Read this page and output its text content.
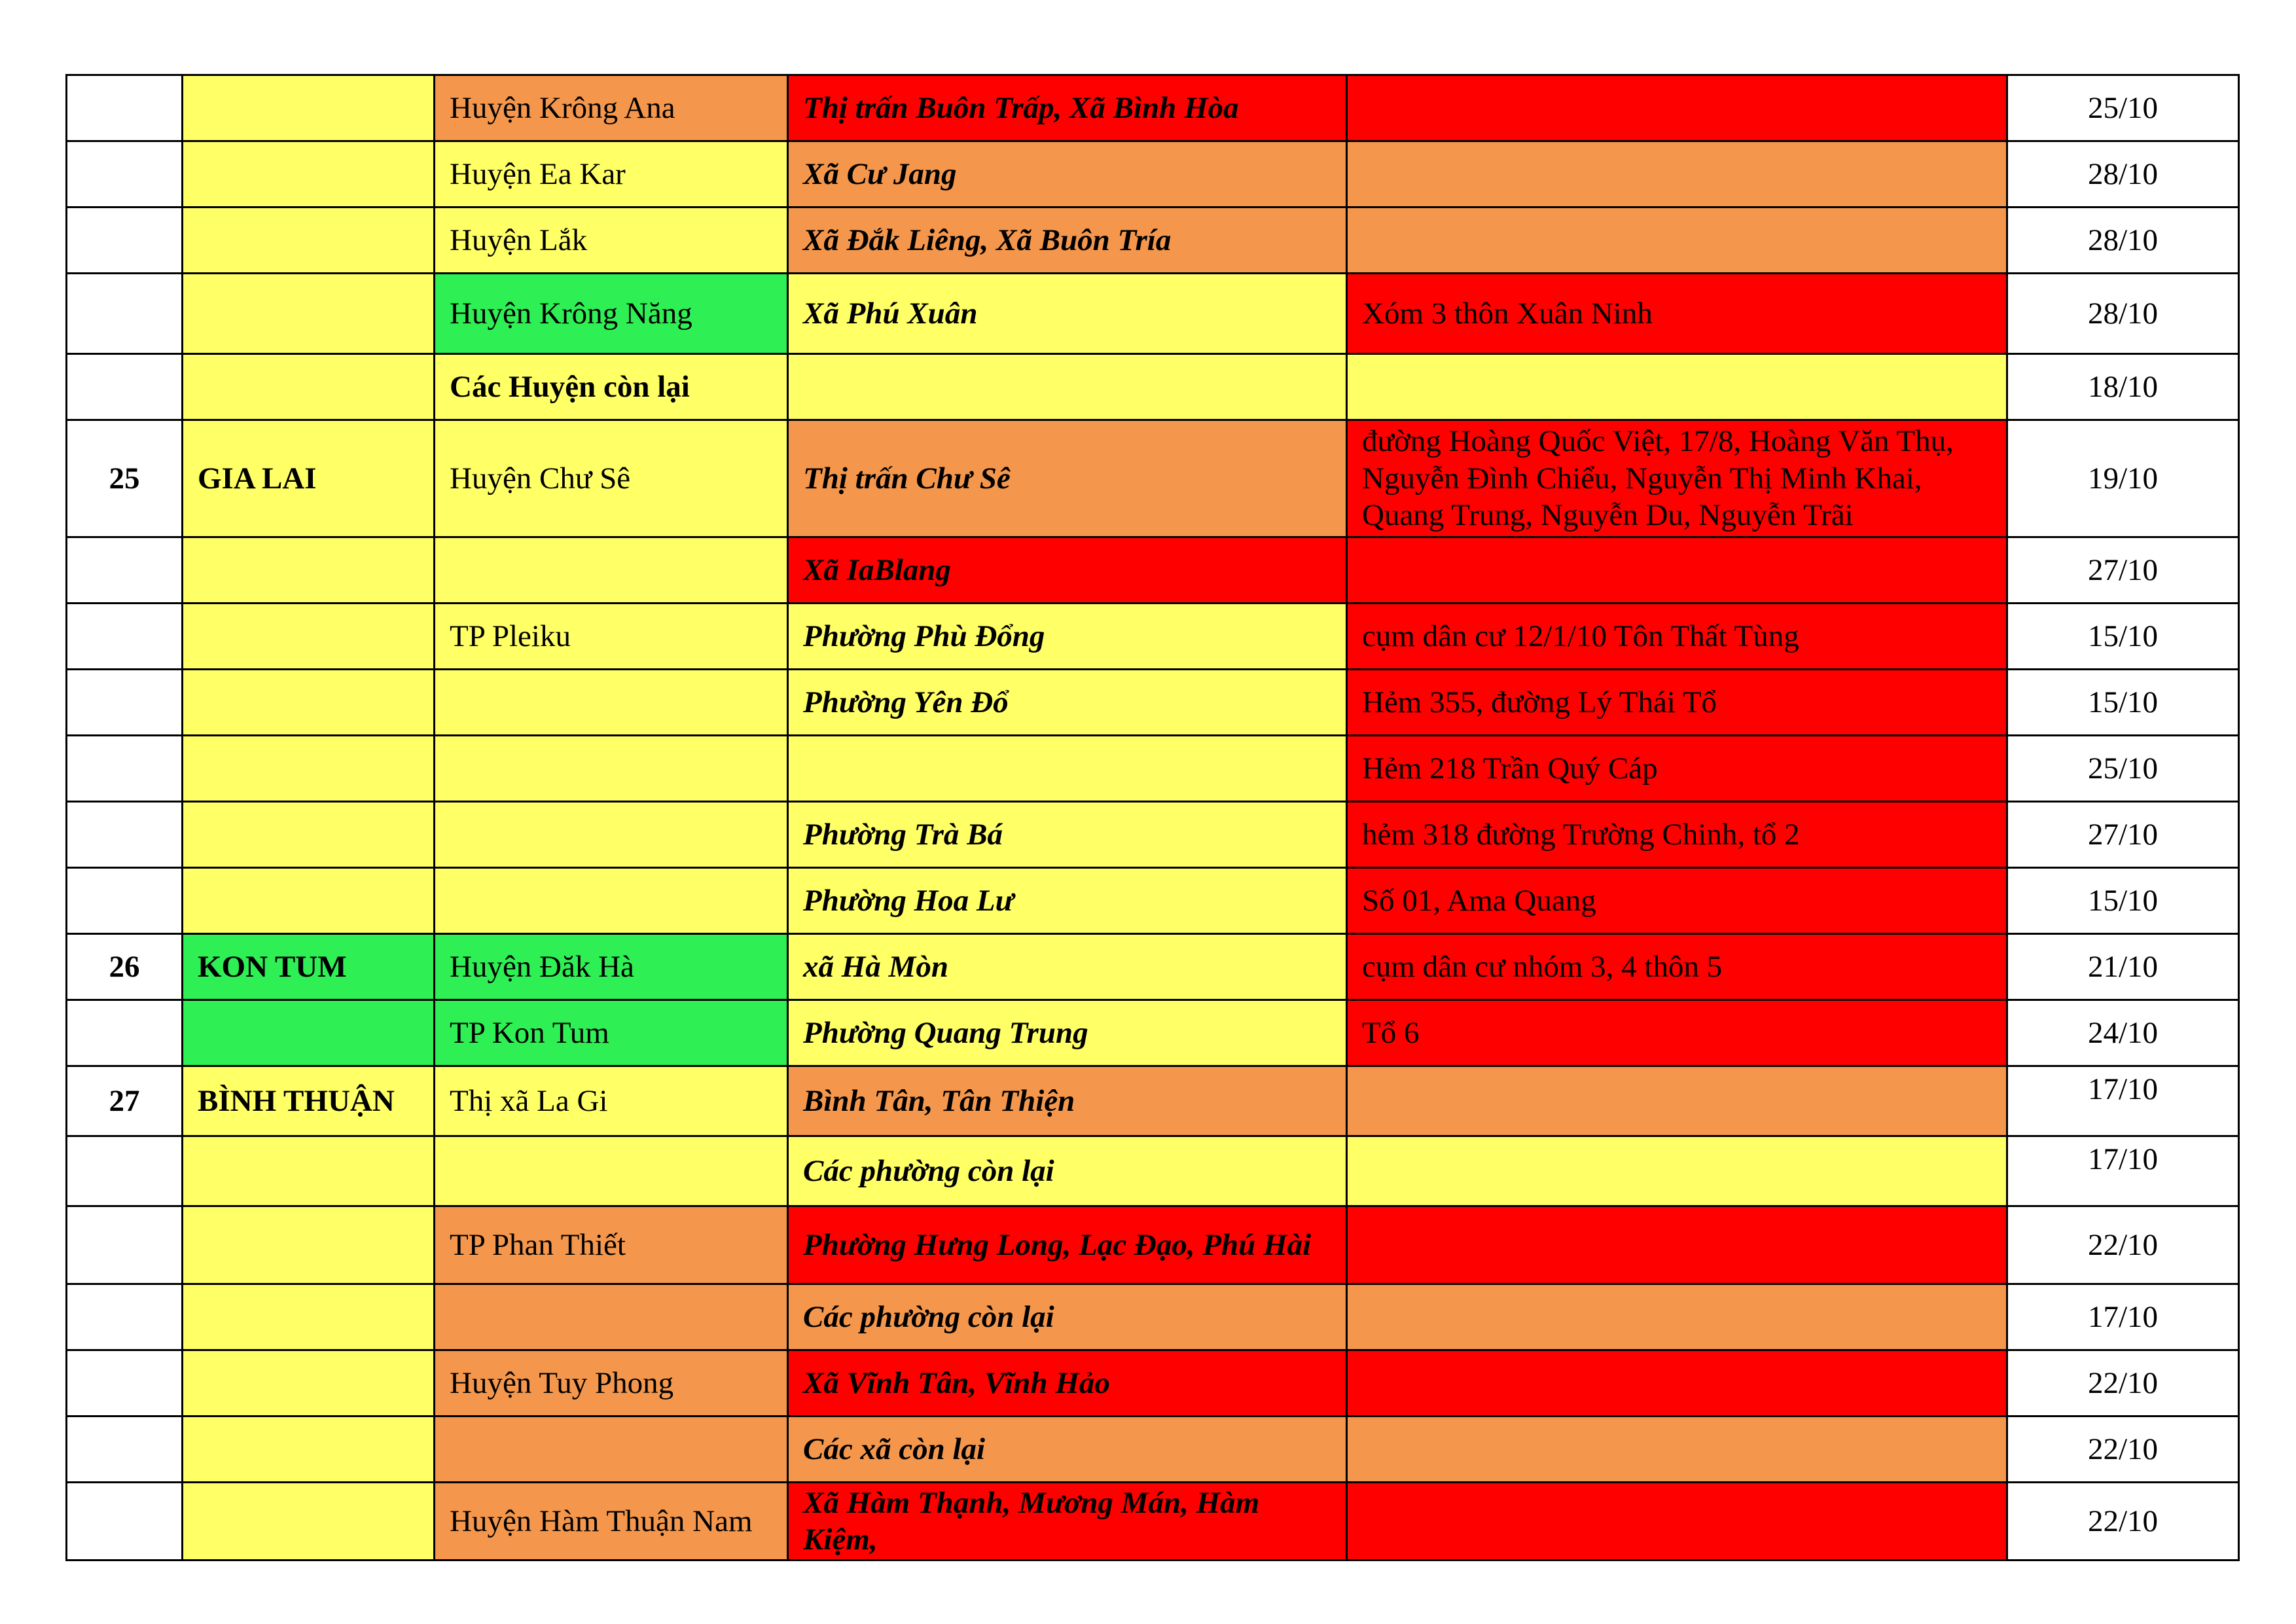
		Huyện Krông Ana	Thị trấn Buôn Trấp, Xã Bình Hòa		25/10
		Huyện Ea Kar	Xã Cư Jang		28/10
		Huyện Lắk	Xã Đắk Liêng, Xã Buôn Tría		28/10
		Huyện Krông Năng	Xã Phú Xuân	Xóm 3 thôn Xuân Ninh	28/10
		Các Huyện còn lại			18/10
25	GIA LAI	Huyện Chư Sê	Thị trấn Chư Sê	đường Hoàng Quốc Việt, 17/8, Hoàng Văn Thụ, Nguyễn Đình Chiểu, Nguyễn Thị Minh Khai, Quang Trung, Nguyễn Du, Nguyễn Trãi	19/10
			Xã IaBlang		27/10
		TP Pleiku	Phường Phù Đổng	cụm dân cư 12/1/10 Tôn Thất Tùng	15/10
			Phường Yên Đổ	Hẻm 355, đường Lý Thái Tổ	15/10
				Hẻm 218 Trần Quý Cáp	25/10
			Phường Trà Bá	hẻm 318 đường Trường Chinh, tổ 2	27/10
			Phường Hoa Lư	Số 01, Ama Quang	15/10
26	KON TUM	Huyện Đăk Hà	xã Hà Mòn	cụm dân cư nhóm 3, 4 thôn 5	21/10
		TP Kon Tum	Phường Quang Trung	Tổ 6	24/10
27	BÌNH THUẬN	Thị xã La Gi	Bình Tân, Tân Thiện		17/10
			Các phường còn lại		17/10
		TP Phan Thiết	Phường Hưng Long, Lạc Đạo, Phú Hài		22/10
			Các phường còn lại		17/10
		Huyện Tuy Phong	Xã Vĩnh Tân, Vĩnh Hảo		22/10
			Các xã còn lại		22/10
		Huyện Hàm Thuận Nam	Xã Hàm Thạnh, Mương Mán, Hàm Kiệm,		22/10
